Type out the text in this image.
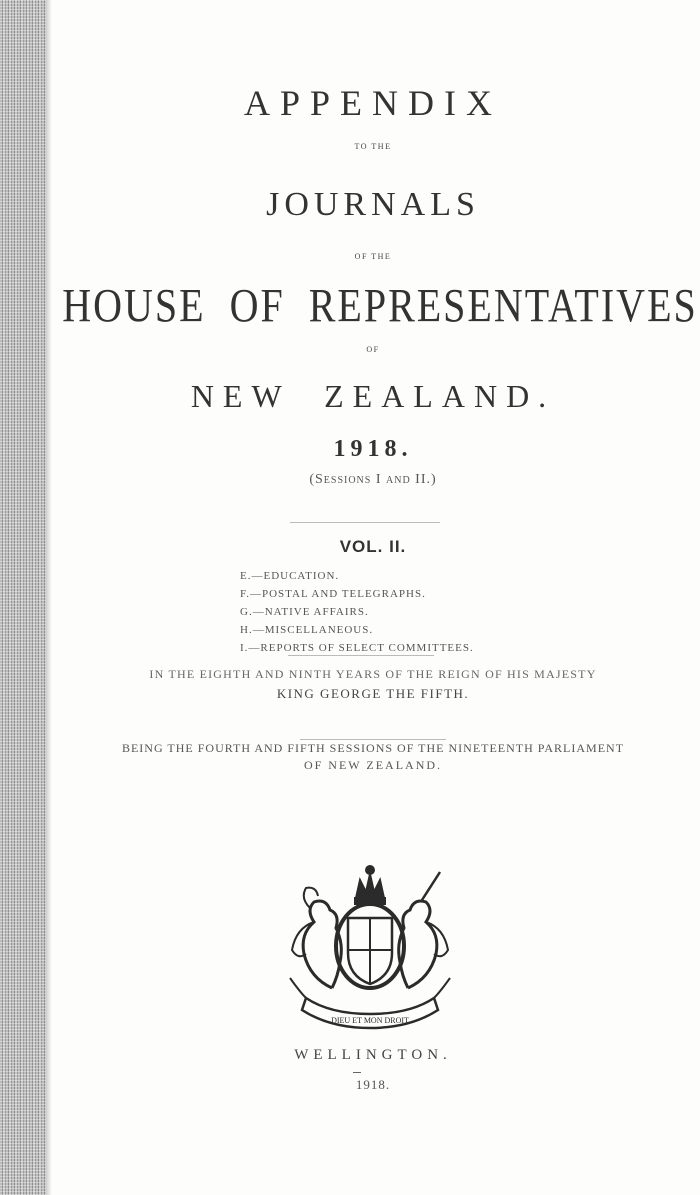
APPENDIX
TO THE
JOURNALS
OF THE
HOUSE  OF  REPRESENTATIVES
OF
NEW  ZEALAND.
1918.
(Sessions I and II.)
VOL. II.
E.—EDUCATION.
F.—POSTAL AND TELEGRAPHS.
G.—NATIVE AFFAIRS.
H.—MISCELLANEOUS.
I.—REPORTS OF SELECT COMMITTEES.
IN THE EIGHTH AND NINTH YEARS OF THE REIGN OF HIS MAJESTY
KING GEORGE THE FIFTH.
BEING THE FOURTH AND FIFTH SESSIONS OF THE NINETEENTH PARLIAMENT
OF NEW ZEALAND.
DIEU ET MON DROIT
WELLINGTON.
1918.
